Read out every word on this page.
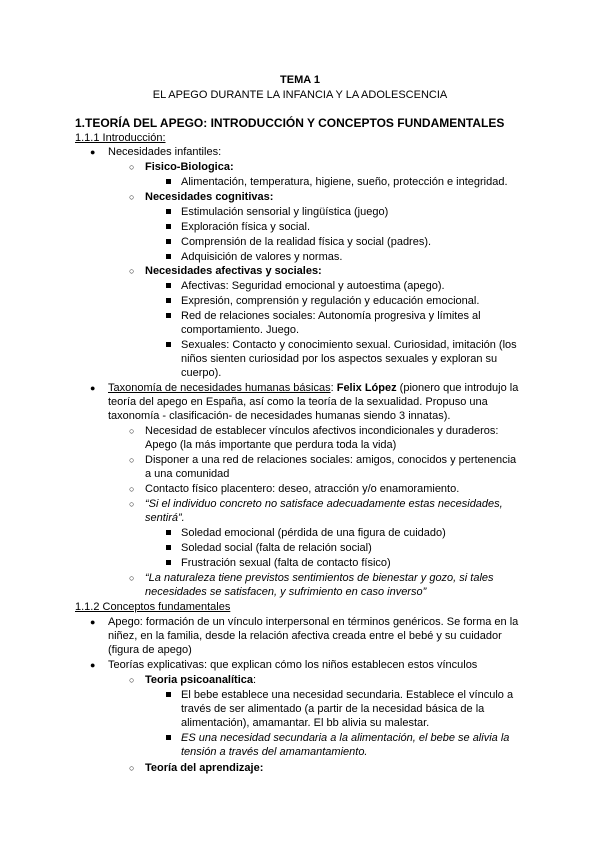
TEMA 1
EL APEGO DURANTE LA INFANCIA Y LA ADOLESCENCIA
1.TEORÍA DEL APEGO: INTRODUCCIÓN Y CONCEPTOS FUNDAMENTALES
1.1.1 Introducción:
● Necesidades infantiles:
○ Fisico-Biologica:
Alimentación, temperatura, higiene, sueño, protección e integridad.
○ Necesidades cognitivas:
Estimulación sensorial y lingüística (juego)
Exploración física y social.
Comprensión de la realidad física y social (padres).
Adquisición de valores y normas.
○ Necesidades afectivas y sociales:
Afectivas: Seguridad emocional y autoestima (apego).
Expresión, comprensión y regulación y educación emocional.
Red de relaciones sociales: Autonomía progresiva y límites al
comportamiento. Juego.
Sexuales: Contacto y conocimiento sexual. Curiosidad, imitación (los
niños sienten curiosidad por los aspectos sexuales y exploran su
cuerpo).
● Taxonomía de necesidades humanas básicas: Felix López (pionero que introdujo la
teoría del apego en España, así como la teoría de la sexualidad. Propuso una
taxonomía - clasificación- de necesidades humanas siendo 3 innatas).
○ Necesidad de establecer vínculos afectivos incondicionales y duraderos:
Apego (la más importante que perdura toda la vida)
○ Disponer a una red de relaciones sociales: amigos, conocidos y pertenencia
a una comunidad
○ Contacto físico placentero: deseo, atracción y/o enamoramiento.
○ “Si el individuo concreto no satisface adecuadamente estas necesidades,
sentirá”.
Soledad emocional (pérdida de una figura de cuidado)
Soledad social (falta de relación social)
Frustración sexual (falta de contacto físico)
○ “La naturaleza tiene previstos sentimientos de bienestar y gozo, si tales
necesidades se satisfacen, y sufrimiento en caso inverso”
1.1.2 Conceptos fundamentales
● Apego: formación de un vínculo interpersonal en términos genéricos. Se forma en la
niñez, en la familia, desde la relación afectiva creada entre el bebé y su cuidador
(figura de apego)
● Teorías explicativas: que explican cómo los niños establecen estos vínculos
○ Teoria psicoanalítica:
El bebe establece una necesidad secundaria. Establece el vínculo a
través de ser alimentado (a partir de la necesidad básica de la
alimentación), amamantar. El bb alivia su malestar.
ES una necesidad secundaria a la alimentación, el bebe se alivia la
tensión a través del amamantamiento.
○ Teoría del aprendizaje:
